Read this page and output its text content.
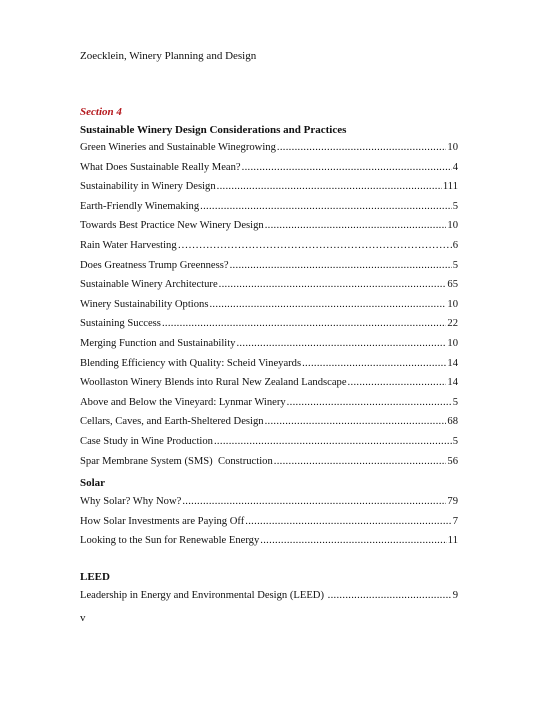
Zoecklein, Winery Planning and Design
Section 4
Sustainable Winery Design Considerations and Practices
Green Wineries and Sustainable Winegrowing .....	10
What Does Sustainable Really Mean? .....	4
Sustainability in Winery Design .....	111
Earth-Friendly Winemaking .....	5
Towards Best Practice New Winery Design .....	10
Rain Water Harvesting …………………………………………………………………………………………………………	6
Does Greatness Trump Greenness? .....	5
Sustainable Winery Architecture .....	65
Winery Sustainability Options .....	10
Sustaining Success .....	22
Merging Function and Sustainability .....	10
Blending Efficiency with Quality: Scheid Vineyards .....	14
Woollaston Winery Blends into Rural New Zealand Landscape .....	14
Above and Below the Vineyard: Lynmar Winery .....	5
Cellars, Caves, and Earth-Sheltered Design .....	68
Case Study in Wine Production .....	5
Spar Membrane System (SMS)  Construction .....	56
Solar
Why Solar? Why Now? .....	79
How Solar Investments are Paying Off .....	7
Looking to the Sun for Renewable Energy .....	11
LEED
Leadership in Energy and Environmental Design (LEED) .....	9
v
